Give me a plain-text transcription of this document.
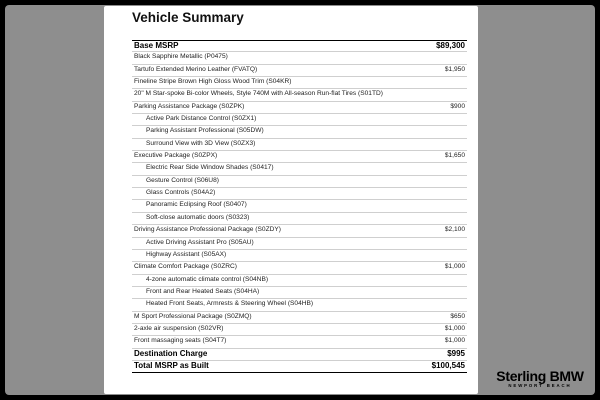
Vehicle Summary
Base MSRP	$89,300
Black Sapphire Metallic (P0475)
Tartufo Extended Merino Leather (FVATQ)	$1,950
Fineline Stripe Brown High Gloss Wood Trim (S04KR)
20" M Star-spoke Bi-color Wheels, Style 740M with All-season Run-flat Tires (S01TD)
Parking Assistance Package (S0ZPK)	$900
Active Park Distance Control (S0ZX1)
Parking Assistant Professional (S05DW)
Surround View with 3D View (S0ZX3)
Executive Package (S0ZPX)	$1,650
Electric Rear Side Window Shades (S0417)
Gesture Control (S06U8)
Glass Controls (S04A2)
Panoramic Eclipsing Roof (S0407)
Soft-close automatic doors (S0323)
Driving Assistance Professional Package (S0ZDY)	$2,100
Active Driving Assistant Pro (S05AU)
Highway Assistant (S05AX)
Climate Comfort Package (S0ZRC)	$1,000
4-zone automatic climate control (S04NB)
Front and Rear Heated Seats (S04HA)
Heated Front Seats, Armrests & Steering Wheel (S04HB)
M Sport Professional Package (S0ZMQ)	$650
2-axle air suspension (S02VR)	$1,000
Front massaging seats (S04T7)	$1,000
Destination Charge	$995
Total MSRP as Built	$100,545
Sterling BMW
NEWPORT BEACH
